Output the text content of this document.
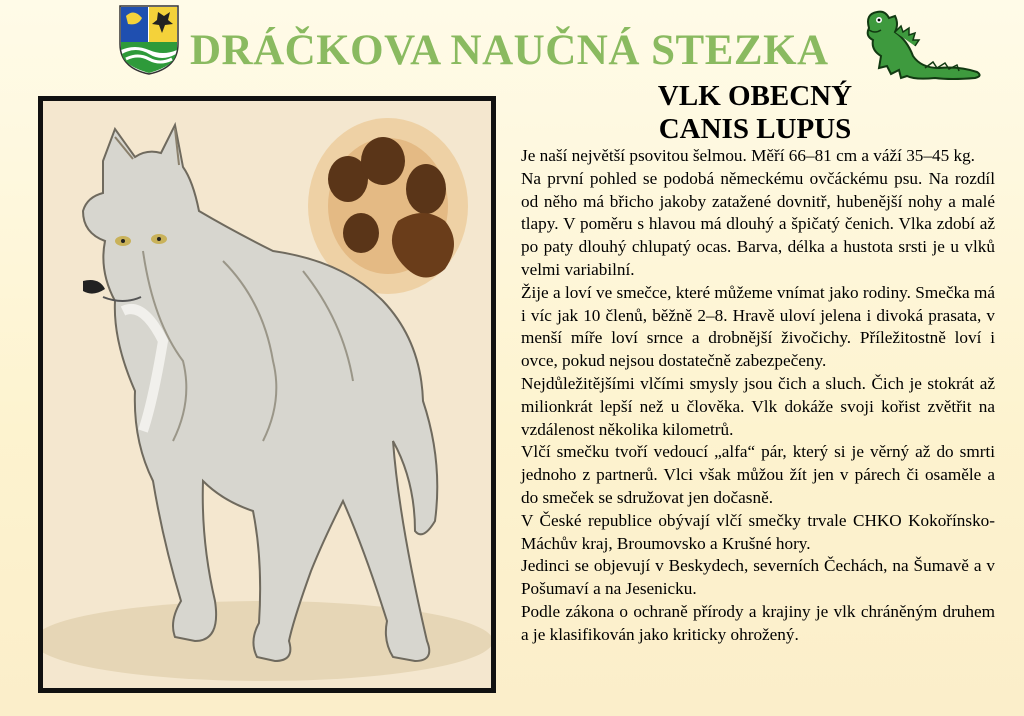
DRÁČKOVA NAUČNÁ STEZKA
VLK OBECNÝ
CANIS LUPUS

Je naší největší psovitou šelmou. Měří 66–81 cm a váží 35–45 kg.

Na první pohled se podobá německému ovčáckému psu. Na rozdíl od něho má břicho jakoby zatažené dovnitř, hubenější nohy a malé tlapy. V poměru s hlavou má dlouhý a špičatý čenich. Vlka zdobí až po paty dlouhý chlupatý ocas. Barva, délka a hustota srsti je u vlků velmi variabilní.

Žije a loví ve smečce, které můžeme vnímat jako rodiny. Smečka má i víc jak 10 členů, běžně 2–8. Hravě uloví jelena i divoká prasata, v menší míře loví srnce a drobnější živočichy. Příležitostně loví i ovce, pokud nejsou dostatečně zabezpečeny.

Nejdůležitějšími vlčími smysly jsou čich a sluch. Čich je stokrát až milionkrát lepší než u člověka. Vlk dokáže svoji kořist zvětřit na vzdálenost několika kilometrů.

Vlčí smečku tvoří vedoucí „alfa“ pár, který si je věrný až do smrti jednoho z partnerů. Vlci však můžou žít jen v párech či osaměle a do smeček se sdružovat jen dočasně.

V České republice obývají vlčí smečky trvale CHKO Kokořínsko-Máchův kraj, Broumovsko a Krušné hory.

Jedinci se objevují v Beskydech, severních Čechách, na Šumavě a v Pošumaví a na Jesenicku.

Podle zákona o ochraně přírody a krajiny je vlk chráněným druhem a je klasifikován jako kriticky ohrožený.
